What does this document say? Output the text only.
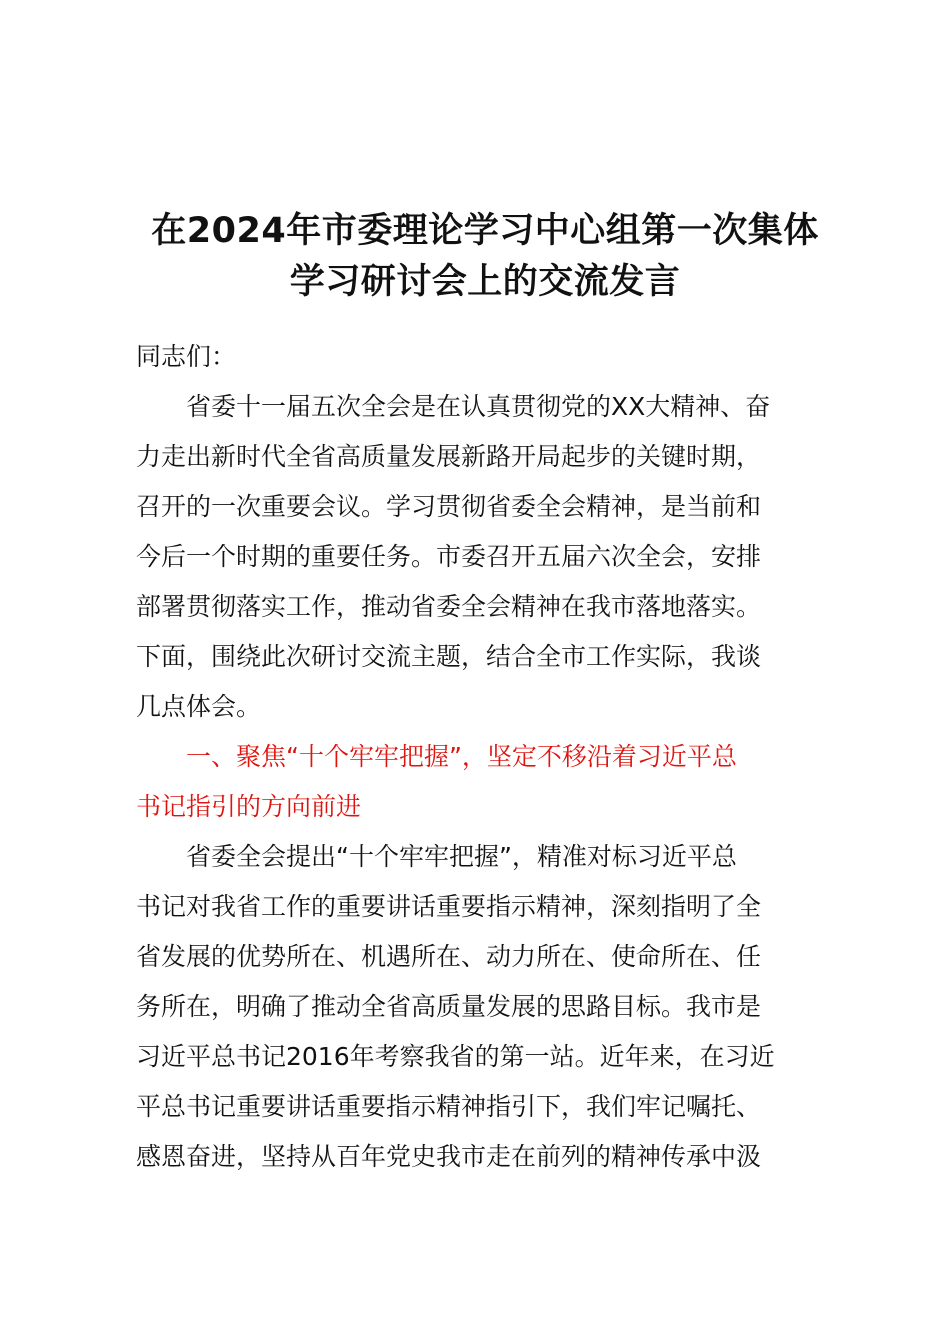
在2024年市委理论学习中心组第一次集体
学习研讨会上的交流发言
同志们：
省委十一届五次全会是在认真贯彻党的XX大精神、奋
力走出新时代全省高质量发展新路开局起步的关键时期，
召开的一次重要会议。学习贯彻省委全会精神，是当前和
今后一个时期的重要任务。市委召开五届六次全会，安排
部署贯彻落实工作，推动省委全会精神在我市落地落实。
下面，围绕此次研讨交流主题，结合全市工作实际，我谈
几点体会。
一、聚焦“十个牢牢把握”，坚定不移沿着习近平总
书记指引的方向前进
省委全会提出“十个牢牢把握”，精准对标习近平总
书记对我省工作的重要讲话重要指示精神，深刻指明了全
省发展的优势所在、机遇所在、动力所在、使命所在、任
务所在，明确了推动全省高质量发展的思路目标。我市是
习近平总书记2016年考察我省的第一站。近年来，在习近
平总书记重要讲话重要指示精神指引下，我们牢记嘱托、
感恩奋进，坚持从百年党史我市走在前列的精神传承中汲
